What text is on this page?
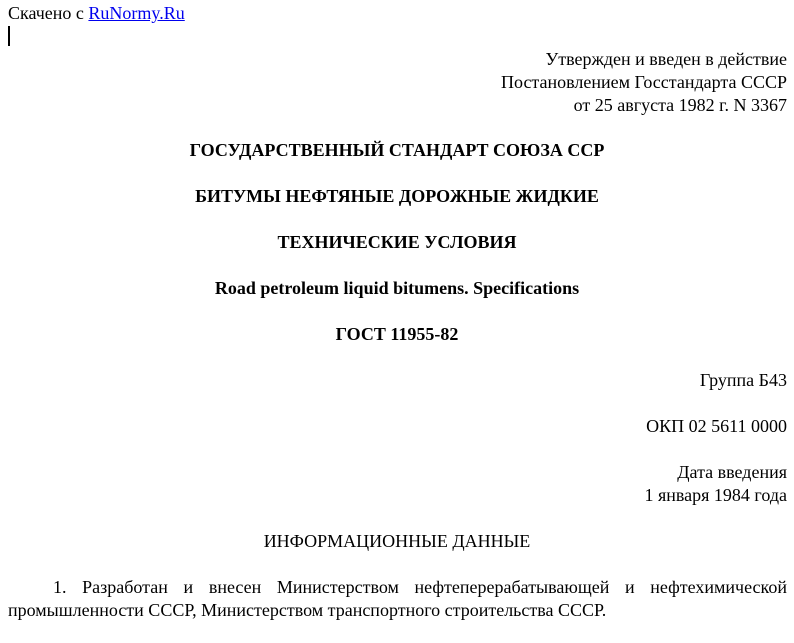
Скачено с RuNormy.Ru
Утвержден и введен в действие
Постановлением Госстандарта СССР
от 25 августа 1982 г. N 3367
ГОСУДАРСТВЕННЫЙ СТАНДАРТ СОЮЗА ССР
БИТУМЫ НЕФТЯНЫЕ ДОРОЖНЫЕ ЖИДКИЕ
ТЕХНИЧЕСКИЕ УСЛОВИЯ
Road petroleum liquid bitumens. Specifications
ГОСТ 11955-82
Группа Б43
ОКП 02 5611 0000
Дата введения
1 января 1984 года
ИНФОРМАЦИОННЫЕ ДАННЫЕ
1. Разработан и внесен Министерством нефтеперерабатывающей и нефтехимической промышленности СССР, Министерством транспортного строительства СССР.
